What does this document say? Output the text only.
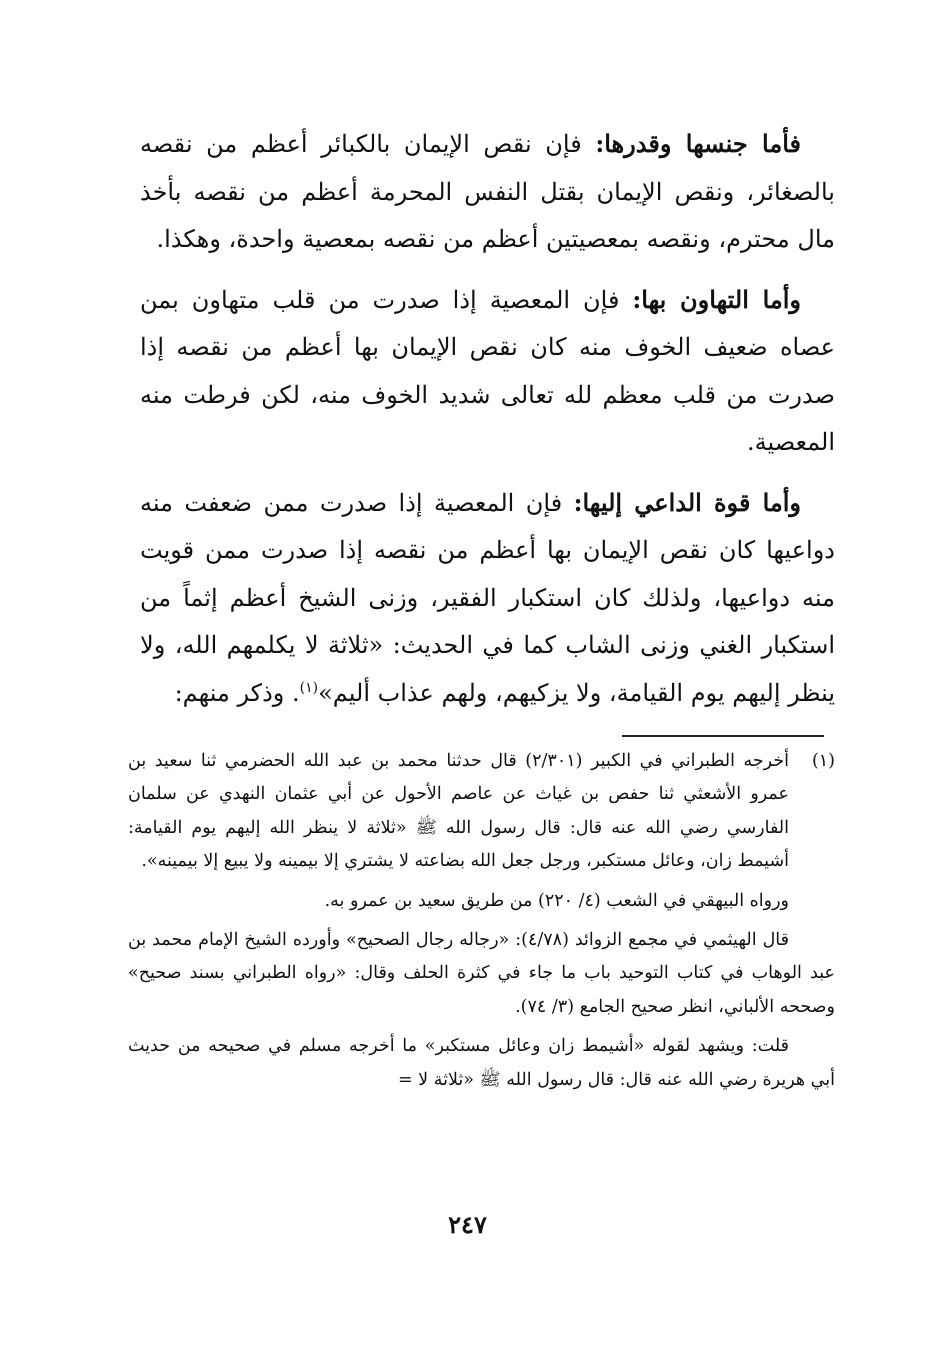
فأما جنسها وقدرها: فإن نقص الإيمان بالكبائر أعظم من نقصه بالصغائر، ونقص الإيمان بقتل النفس المحرمة أعظم من نقصه بأخذ مال محترم، ونقصه بمعصيتين أعظم من نقصه بمعصية واحدة، وهكذا.

وأما التهاون بها: فإن المعصية إذا صدرت من قلب متهاون بمن عصاه ضعيف الخوف منه كان نقص الإيمان بها أعظم من نقصه إذا صدرت من قلب معظم لله تعالى شديد الخوف منه، لكن فرطت منه المعصية.

وأما قوة الداعي إليها: فإن المعصية إذا صدرت ممن ضعفت منه دواعيها كان نقص الإيمان بها أعظم من نقصه إذا صدرت ممن قويت منه دواعيها، ولذلك كان استكبار الفقير، وزنى الشيخ أعظم إثماً من استكبار الغني وزنى الشاب كما في الحديث: «ثلاثة لا يكلمهم الله، ولا ينظر إليهم يوم القيامة، ولا يزكيهم، ولهم عذاب أليم»$^{(١)}$. وذكر منهم:

(١)
أخرجه الطبراني في الكبير (٢/٣٠١) قال حدثنا محمد بن عبد الله الحضرمي ثنا سعيد بن عمرو الأشعثي ثنا حفص بن غياث عن عاصم الأحول عن أبي عثمان النهدي عن سلمان الفارسي رضي الله عنه قال: قال رسول الله ﷺ «ثلاثة لا ينظر الله إليهم يوم القيامة: أشيمط زان، وعائل مستكبر، ورجل جعل الله بضاعته لا يشتري إلا بيمينه ولا يبيع إلا بيمينه».

ورواه البيهقي في الشعب (٤/ ٢٢٠) من طريق سعيد بن عمرو به.

قال الهيثمي في مجمع الزوائد (٤/٧٨): «رجاله رجال الصحيح» وأورده الشيخ الإمام محمد بن عبد الوهاب في كتاب التوحيد باب ما جاء في كثرة الحلف وقال: «رواه الطبراني بسند صحيح» وصححه الألباني، انظر صحيح الجامع (٣/ ٧٤).

قلت: ويشهد لقوله «أشيمط زان وعائل مستكبر» ما أخرجه مسلم في صحيحه من حديث أبي هريرة رضي الله عنه قال: قال رسول الله ﷺ «ثلاثة لا =

٢٤٧
